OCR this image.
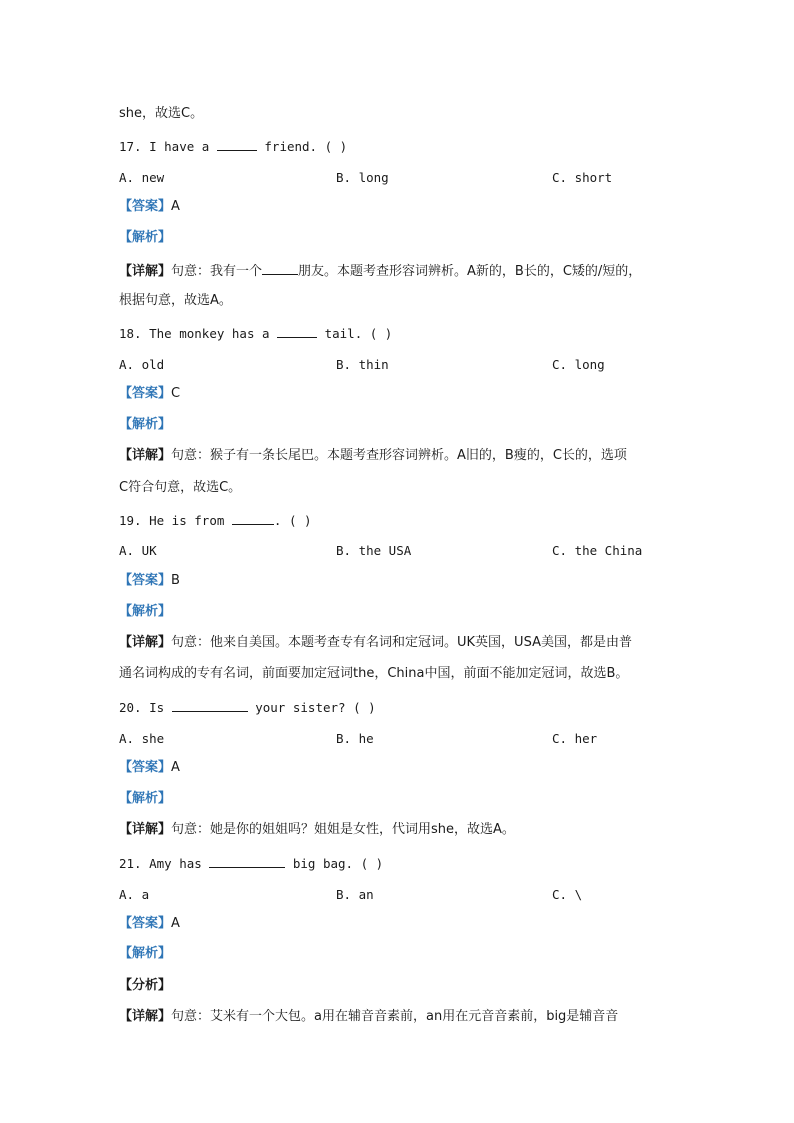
she，故选C。
17. I have a	friend. ( )
A. new	B. long	C. short
【答案】A
【解析】
【详解】句意：我有一个	朋友。本题考查形容词辨析。A新的，B长的，C矮的/短的，
根据句意，故选A。
18. The monkey has a	tail. ( )
A. old	B. thin	C. long
【答案】C
【解析】
【详解】句意：猴子有一条长尾巴。本题考查形容词辨析。A旧的，B瘦的，C长的，选项
C符合句意，故选C。
19. He is from	. ( )
A. UK	B. the USA	C. the China
【答案】B
【解析】
【详解】句意：他来自美国。本题考查专有名词和定冠词。UK英国，USA美国，都是由普
通名词构成的专有名词，前面要加定冠词the，China中国，前面不能加定冠词，故选B。
20. Is	your sister? ( )
A. she	B. he	C. her
【答案】A
【解析】
【详解】句意：她是你的姐姐吗？姐姐是女性，代词用she，故选A。
21. Amy has	big bag. ( )
A. a	B. an	C. \
【答案】A
【解析】
【分析】
【详解】句意：艾米有一个大包。a用在辅音音素前，an用在元音音素前，big是辅音音
